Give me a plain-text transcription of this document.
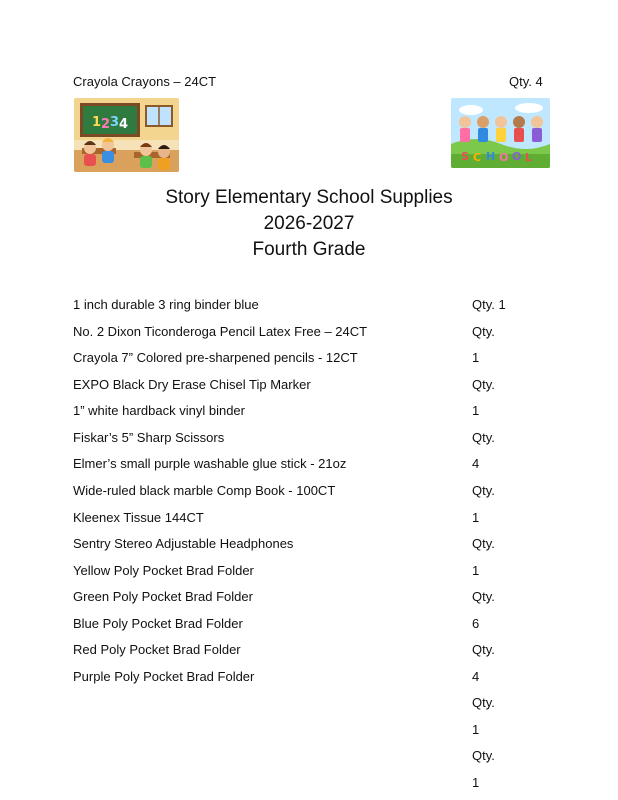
Crayola Crayons – 24CT	Qty. 4
1 2 3 4
S C H O O L
Story Elementary School Supplies
2026-2027
Fourth Grade
1 inch durable 3 ring binder blue
No. 2 Dixon Ticonderoga Pencil Latex Free – 24CT
Crayola 7” Colored pre-sharpened pencils - 12CT
EXPO Black Dry Erase Chisel Tip Marker
1” white hardback vinyl binder
Fiskar’s 5” Sharp Scissors
Elmer’s small purple washable glue stick - 21oz
Wide-ruled black marble Comp Book - 100CT
Kleenex Tissue 144CT
Sentry Stereo Adjustable Headphones
Yellow Poly Pocket Brad Folder
Green Poly Pocket Brad Folder
Blue Poly Pocket Brad Folder
Red Poly Pocket Brad Folder
Purple Poly Pocket Brad Folder
Qty. 1
Qty.
1
Qty.
1
Qty.
4
Qty.
1
Qty.
1
Qty.
6
Qty.
4
Qty.
1
Qty.
1
